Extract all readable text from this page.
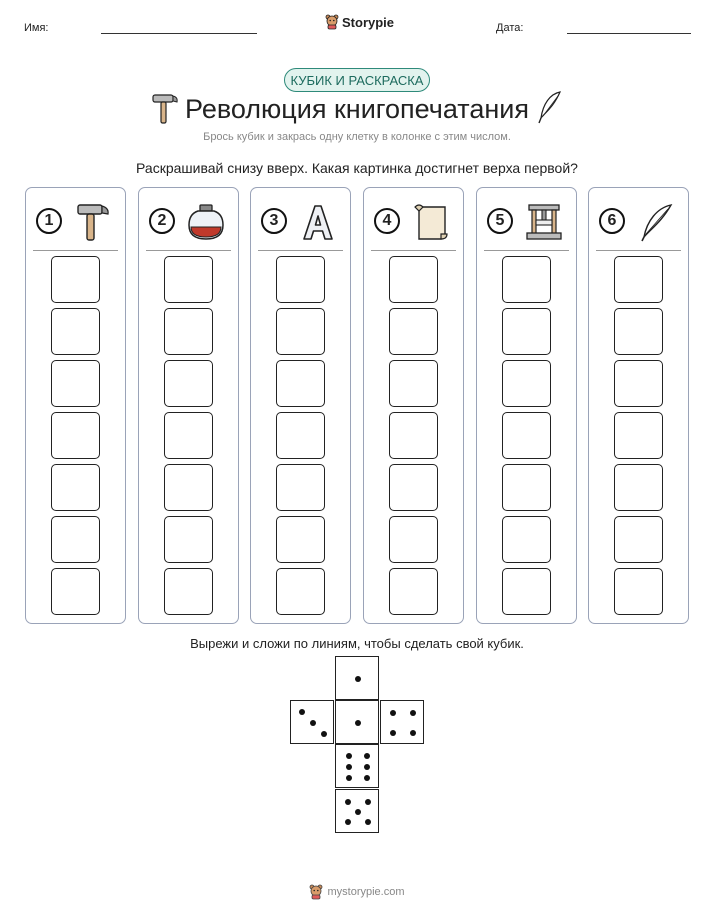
Имя:	Storypie	Дата:
КУБИК И РАСКРАСКА
Революция книгопечатания
Брось кубик и закрась одну клетку в колонке с этим числом.
Раскрашивай снизу вверх. Какая картинка достигнет верха первой?
1	2	3	4	5	6
Вырежи и сложи по линиям, чтобы сделать свой кубик.
mystorypie.com
